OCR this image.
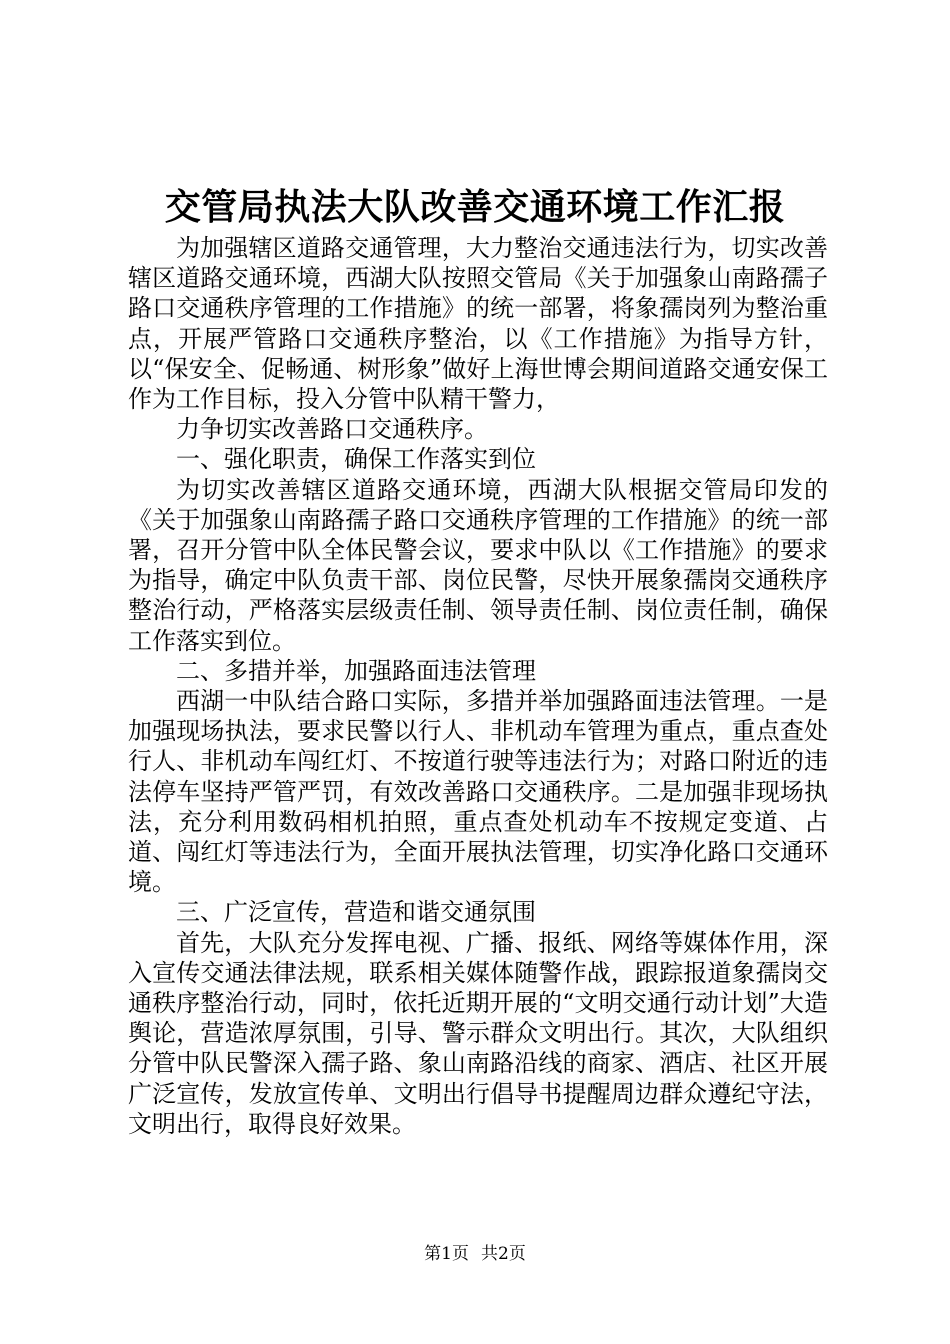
交管局执法大队改善交通环境工作汇报

为加强辖区道路交通管理，大力整治交通违法行为，切实改善辖区道路交通环境，西湖大队按照交管局《关于加强象山南路孺子路口交通秩序管理的工作措施》的统一部署，将象孺岗列为整治重点，开展严管路口交通秩序整治，以《工作措施》为指导方针，以“保安全、促畅通、树形象”做好上海世博会期间道路交通安保工作为工作目标，投入分管中队精干警力，

力争切实改善路口交通秩序。

一、强化职责，确保工作落实到位

为切实改善辖区道路交通环境，西湖大队根据交管局印发的《关于加强象山南路孺子路口交通秩序管理的工作措施》的统一部署，召开分管中队全体民警会议，要求中队以《工作措施》的要求为指导，确定中队负责干部、岗位民警，尽快开展象孺岗交通秩序整治行动，严格落实层级责任制、领导责任制、岗位责任制，确保工作落实到位。

二、多措并举，加强路面违法管理

西湖一中队结合路口实际，多措并举加强路面违法管理。一是加强现场执法，要求民警以行人、非机动车管理为重点，重点查处行人、非机动车闯红灯、不按道行驶等违法行为；对路口附近的违法停车坚持严管严罚，有效改善路口交通秩序。二是加强非现场执法，充分利用数码相机拍照，重点查处机动车不按规定变道、占道、闯红灯等违法行为，全面开展执法管理，切实净化路口交通环境。

三、广泛宣传，营造和谐交通氛围

首先，大队充分发挥电视、广播、报纸、网络等媒体作用，深入宣传交通法律法规，联系相关媒体随警作战，跟踪报道象孺岗交通秩序整治行动，同时，依托近期开展的“文明交通行动计划”大造舆论，营造浓厚氛围，引导、警示群众文明出行。其次，大队组织分管中队民警深入孺子路、象山南路沿线的商家、酒店、社区开展广泛宣传，发放宣传单、文明出行倡导书提醒周边群众遵纪守法，文明出行，取得良好效果。

第1页 共2页
